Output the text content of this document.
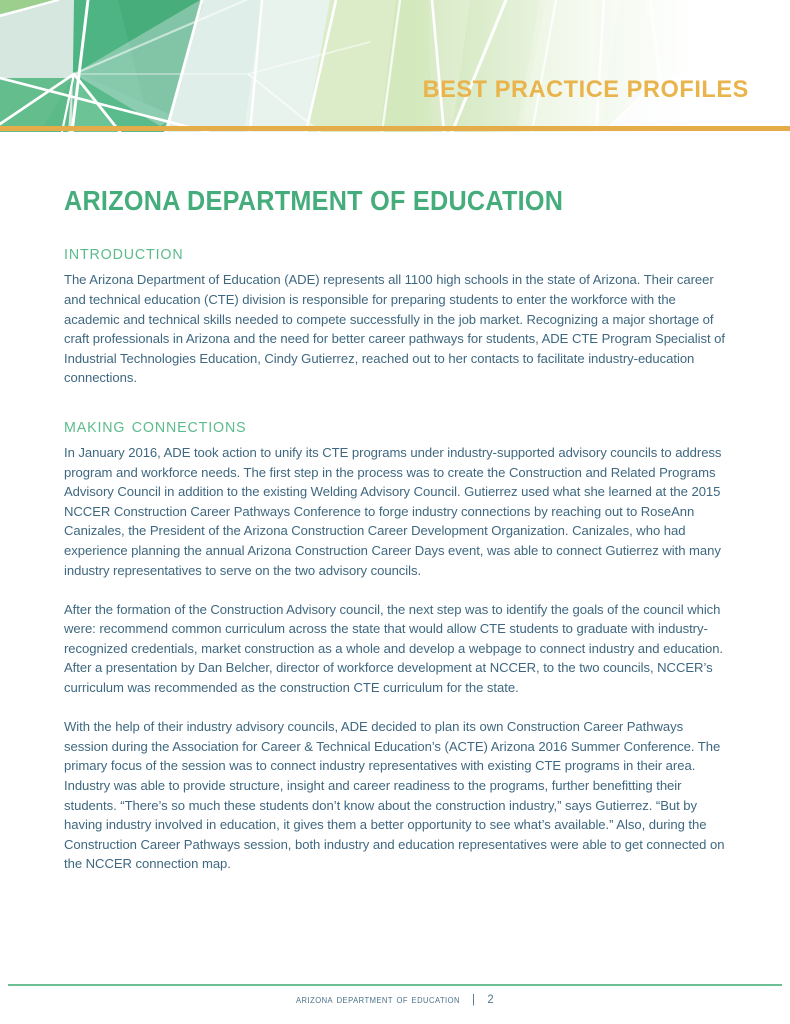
BEST PRACTICE PROFILES
ARIZONA DEPARTMENT OF EDUCATION
introduction

The Arizona Department of Education (ADE) represents all 1100 high schools in the state of Arizona. Their career and technical education (CTE) division is responsible for preparing students to enter the workforce with the academic and technical skills needed to compete successfully in the job market. Recognizing a major shortage of craft professionals in Arizona and the need for better career pathways for students, ADE CTE Program Specialist of Industrial Technologies Education, Cindy Gutierrez, reached out to her contacts to facilitate industry-education connections.

making connections

In January 2016, ADE took action to unify its CTE programs under industry-supported advisory councils to address program and workforce needs. The first step in the process was to create the Construction and Related Programs Advisory Council in addition to the existing Welding Advisory Council. Gutierrez used what she learned at the 2015 NCCER Construction Career Pathways Conference to forge industry connections by reaching out to RoseAnn Canizales, the President of the Arizona Construction Career Development Organization. Canizales, who had experience planning the annual Arizona Construction Career Days event, was able to connect Gutierrez with many industry representatives to serve on the two advisory councils.

After the formation of the Construction Advisory council, the next step was to identify the goals of the council which were: recommend common curriculum across the state that would allow CTE students to graduate with industry-recognized credentials, market construction as a whole and develop a webpage to connect industry and education. After a presentation by Dan Belcher, director of workforce development at NCCER, to the two councils, NCCER’s curriculum was recommended as the construction CTE curriculum for the state.

With the help of their industry advisory councils, ADE decided to plan its own Construction Career Pathways session during the Association for Career & Technical Education’s (ACTE) Arizona 2016 Summer Conference. The primary focus of the session was to connect industry representatives with existing CTE programs in their area. Industry was able to provide structure, insight and career readiness to the programs, further benefitting their students. “There’s so much these students don’t know about the construction industry,” says Gutierrez. “But by having industry involved in education, it gives them a better opportunity to see what’s available.” Also, during the Construction Career Pathways session, both industry and education representatives were able to get connected on the NCCER connection map.

arizona department of education | 2
